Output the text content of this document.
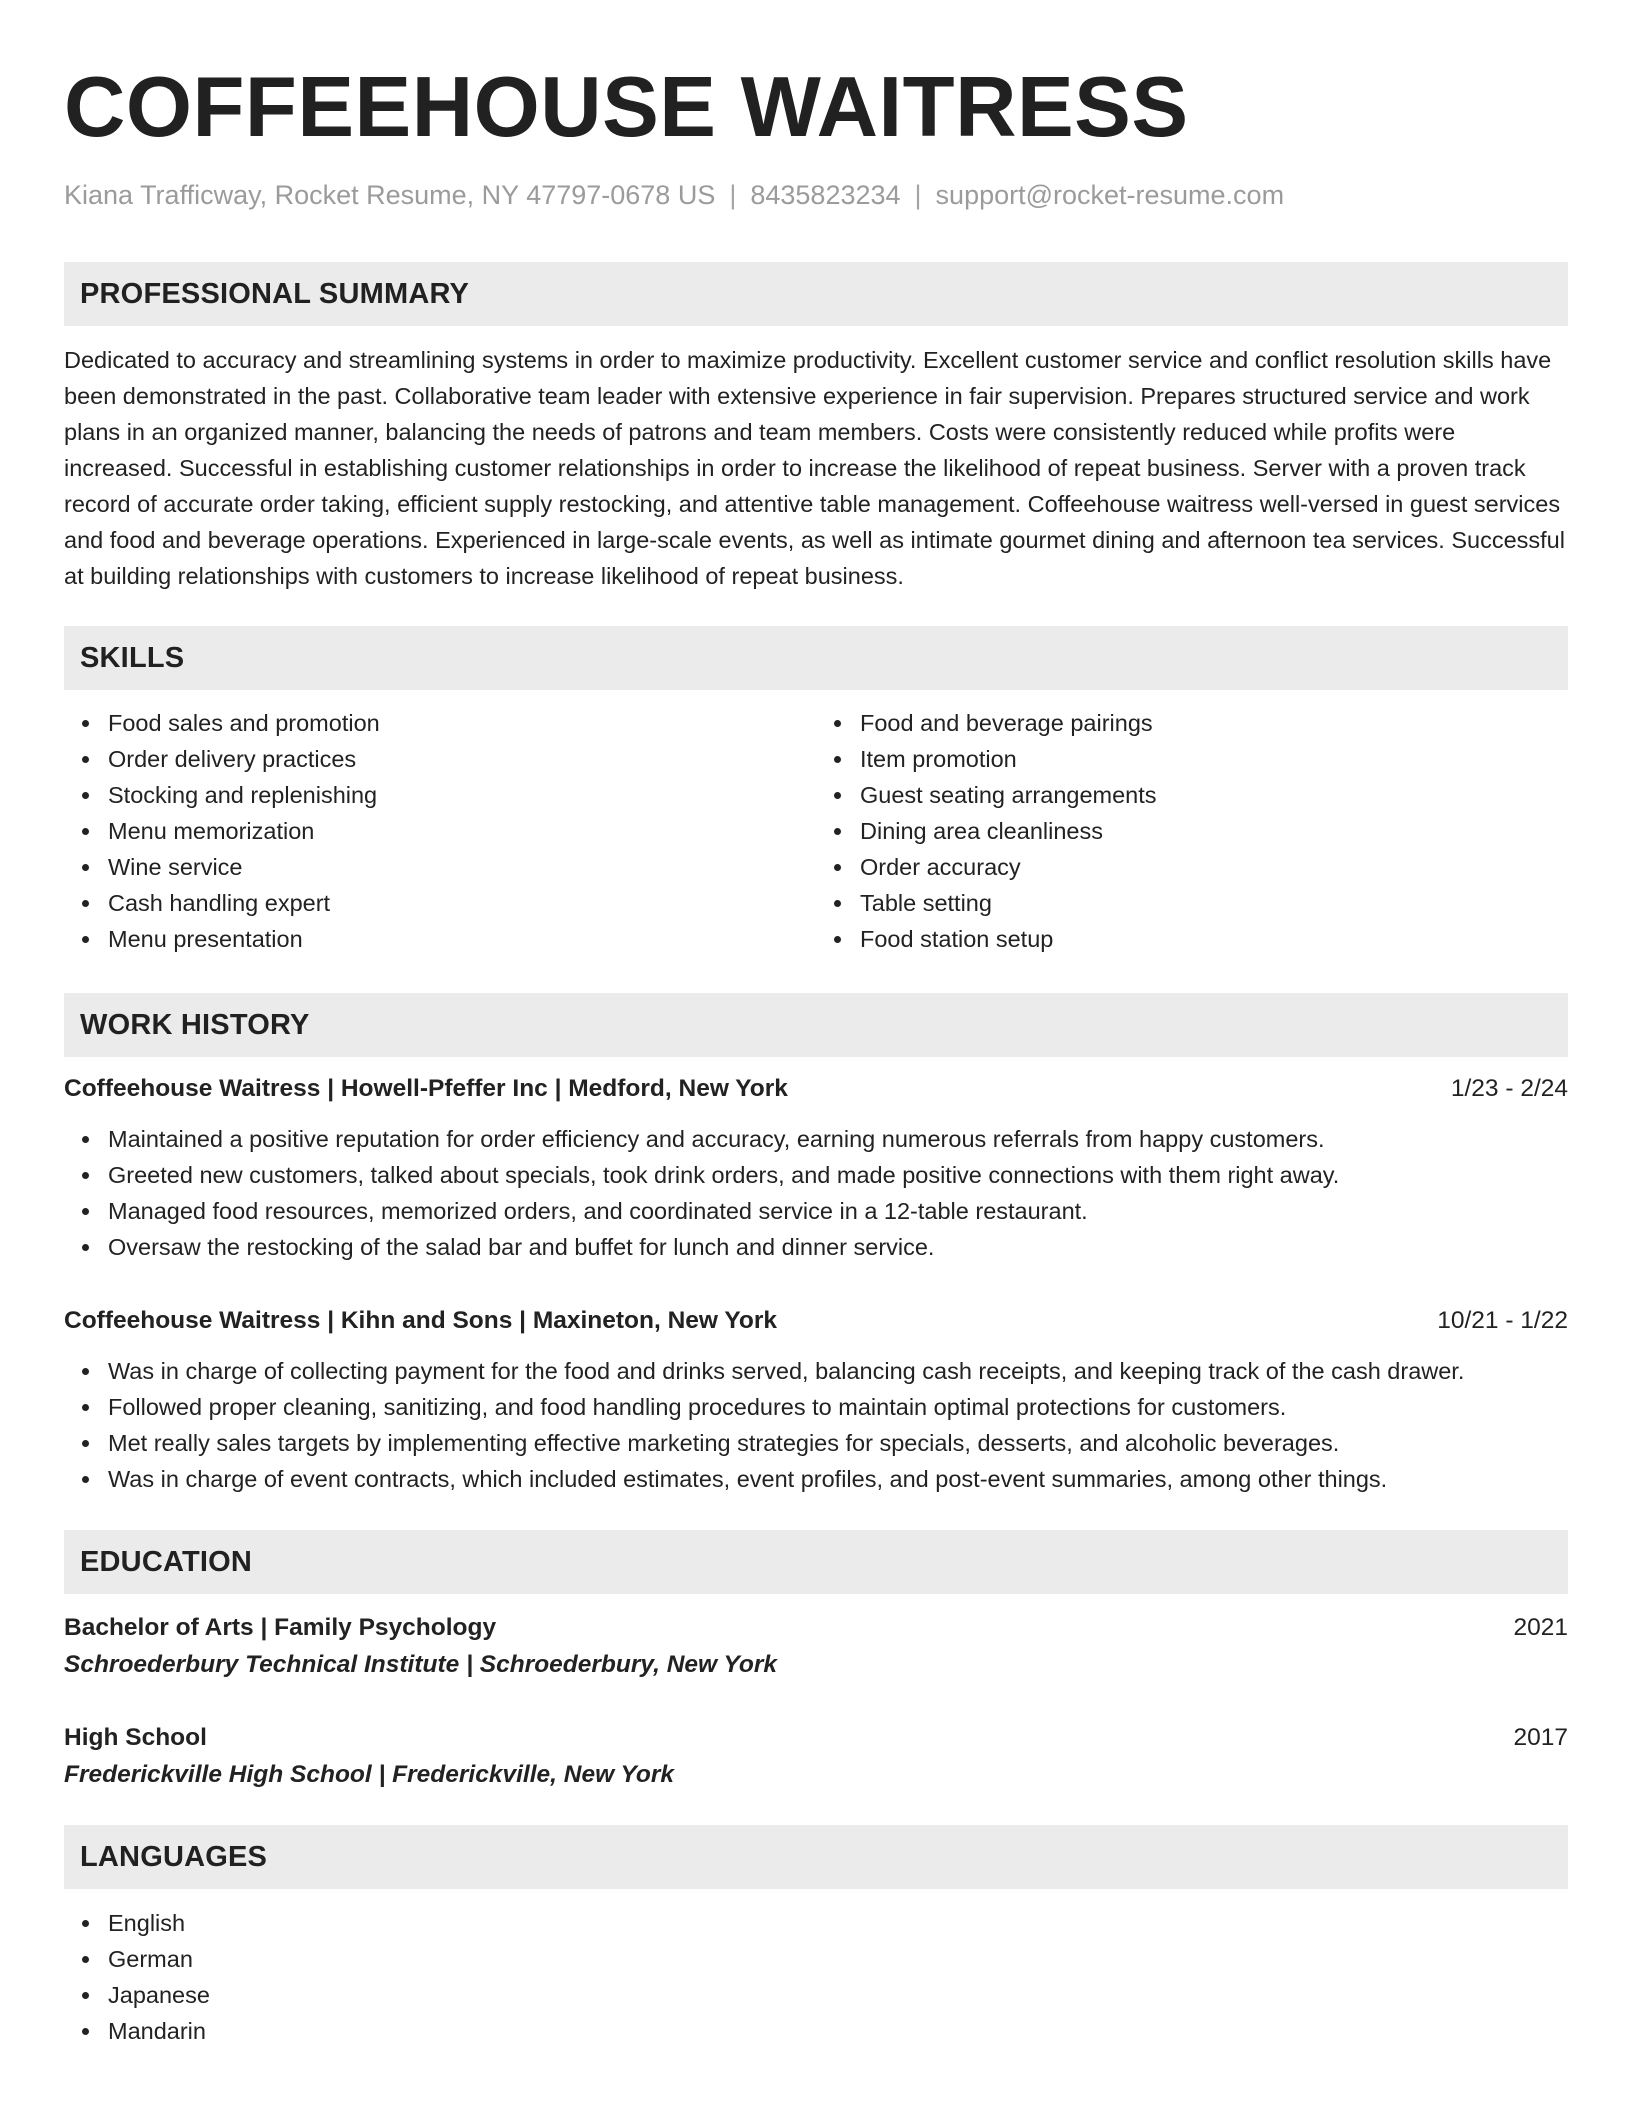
COFFEEHOUSE WAITRESS
Kiana Trafficway, Rocket Resume, NY 47797-0678 US | 8435823234 | support@rocket-resume.com
PROFESSIONAL SUMMARY
Dedicated to accuracy and streamlining systems in order to maximize productivity. Excellent customer service and conflict resolution skills have been demonstrated in the past. Collaborative team leader with extensive experience in fair supervision. Prepares structured service and work plans in an organized manner, balancing the needs of patrons and team members. Costs were consistently reduced while profits were increased. Successful in establishing customer relationships in order to increase the likelihood of repeat business. Server with a proven track record of accurate order taking, efficient supply restocking, and attentive table management. Coffeehouse waitress well-versed in guest services and food and beverage operations. Experienced in large-scale events, as well as intimate gourmet dining and afternoon tea services. Successful at building relationships with customers to increase likelihood of repeat business.
SKILLS
Food sales and promotion
Order delivery practices
Stocking and replenishing
Menu memorization
Wine service
Cash handling expert
Menu presentation
Food and beverage pairings
Item promotion
Guest seating arrangements
Dining area cleanliness
Order accuracy
Table setting
Food station setup
WORK HISTORY
Coffeehouse Waitress | Howell-Pfeffer Inc | Medford, New York	1/23 - 2/24
Maintained a positive reputation for order efficiency and accuracy, earning numerous referrals from happy customers.
Greeted new customers, talked about specials, took drink orders, and made positive connections with them right away.
Managed food resources, memorized orders, and coordinated service in a 12-table restaurant.
Oversaw the restocking of the salad bar and buffet for lunch and dinner service.
Coffeehouse Waitress | Kihn and Sons | Maxineton, New York	10/21 - 1/22
Was in charge of collecting payment for the food and drinks served, balancing cash receipts, and keeping track of the cash drawer.
Followed proper cleaning, sanitizing, and food handling procedures to maintain optimal protections for customers.
Met really sales targets by implementing effective marketing strategies for specials, desserts, and alcoholic beverages.
Was in charge of event contracts, which included estimates, event profiles, and post-event summaries, among other things.
EDUCATION
Bachelor of Arts | Family Psychology	2021
Schroederbury Technical Institute | Schroederbury, New York
High School	2017
Frederickville High School | Frederickville, New York
LANGUAGES
English
German
Japanese
Mandarin
